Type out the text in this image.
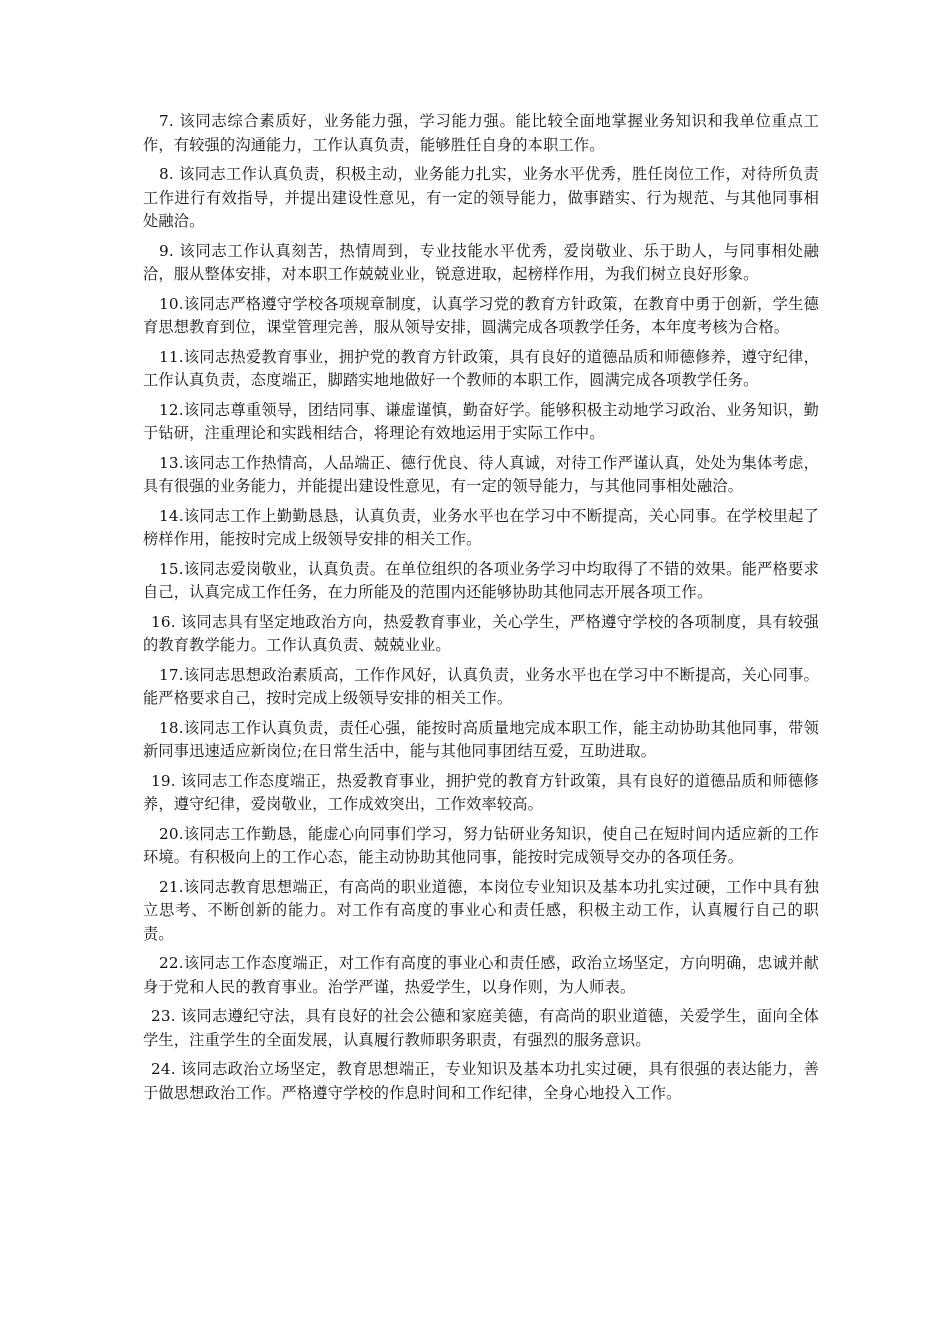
7. 该同志综合素质好，业务能力强，学习能力强。能比较全面地掌握业务知识和我单位重点工作，有较强的沟通能力，工作认真负责，能够胜任自身的本职工作。

8. 该同志工作认真负责，积极主动，业务能力扎实，业务水平优秀，胜任岗位工作，对待所负责工作进行有效指导，并提出建设性意见，有一定的领导能力，做事踏实、行为规范、与其他同事相处融洽。

9. 该同志工作认真刻苦，热情周到，专业技能水平优秀，爱岗敬业、乐于助人，与同事相处融洽，服从整体安排，对本职工作兢兢业业，锐意进取，起榜样作用，为我们树立良好形象。

10.该同志严格遵守学校各项规章制度，认真学习党的教育方针政策，在教育中勇于创新，学生德育思想教育到位，课堂管理完善，服从领导安排，圆满完成各项教学任务，本年度考核为合格。

11.该同志热爱教育事业，拥护党的教育方针政策，具有良好的道德品质和师德修养，遵守纪律，工作认真负责，态度端正，脚踏实地地做好一个教师的本职工作，圆满完成各项教学任务。

12.该同志尊重领导，团结同事、谦虚谨慎，勤奋好学。能够积极主动地学习政治、业务知识，勤于钻研，注重理论和实践相结合，将理论有效地运用于实际工作中。

13.该同志工作热情高，人品端正、德行优良、待人真诚，对待工作严谨认真，处处为集体考虑，具有很强的业务能力，并能提出建设性意见，有一定的领导能力，与其他同事相处融洽。

14.该同志工作上勤勤恳恳，认真负责，业务水平也在学习中不断提高，关心同事。在学校里起了榜样作用，能按时完成上级领导安排的相关工作。

15.该同志爱岗敬业，认真负责。在单位组织的各项业务学习中均取得了不错的效果。能严格要求自己，认真完成工作任务，在力所能及的范围内还能够协助其他同志开展各项工作。

16. 该同志具有坚定地政治方向，热爱教育事业，关心学生，严格遵守学校的各项制度，具有较强的教育教学能力。工作认真负责、兢兢业业。

17.该同志思想政治素质高，工作作风好，认真负责，业务水平也在学习中不断提高，关心同事。能严格要求自己，按时完成上级领导安排的相关工作。

18.该同志工作认真负责，责任心强，能按时高质量地完成本职工作，能主动协助其他同事，带领新同事迅速适应新岗位;在日常生活中，能与其他同事团结互爱，互助进取。

19. 该同志工作态度端正，热爱教育事业，拥护党的教育方针政策，具有良好的道德品质和师德修养，遵守纪律，爱岗敬业，工作成效突出，工作效率较高。

20.该同志工作勤恳，能虚心向同事们学习，努力钻研业务知识，使自己在短时间内适应新的工作环境。有积极向上的工作心态，能主动协助其他同事，能按时完成领导交办的各项任务。

21.该同志教育思想端正，有高尚的职业道德，本岗位专业知识及基本功扎实过硬，工作中具有独立思考、不断创新的能力。对工作有高度的事业心和责任感，积极主动工作，认真履行自己的职责。

22.该同志工作态度端正，对工作有高度的事业心和责任感，政治立场坚定，方向明确，忠诚并献身于党和人民的教育事业。治学严谨，热爱学生，以身作则，为人师表。

23. 该同志遵纪守法，具有良好的社会公德和家庭美德，有高尚的职业道德，关爱学生，面向全体学生，注重学生的全面发展，认真履行教师职务职责，有强烈的服务意识。

24. 该同志政治立场坚定，教育思想端正，专业知识及基本功扎实过硬，具有很强的表达能力，善于做思想政治工作。严格遵守学校的作息时间和工作纪律，全身心地投入工作。
